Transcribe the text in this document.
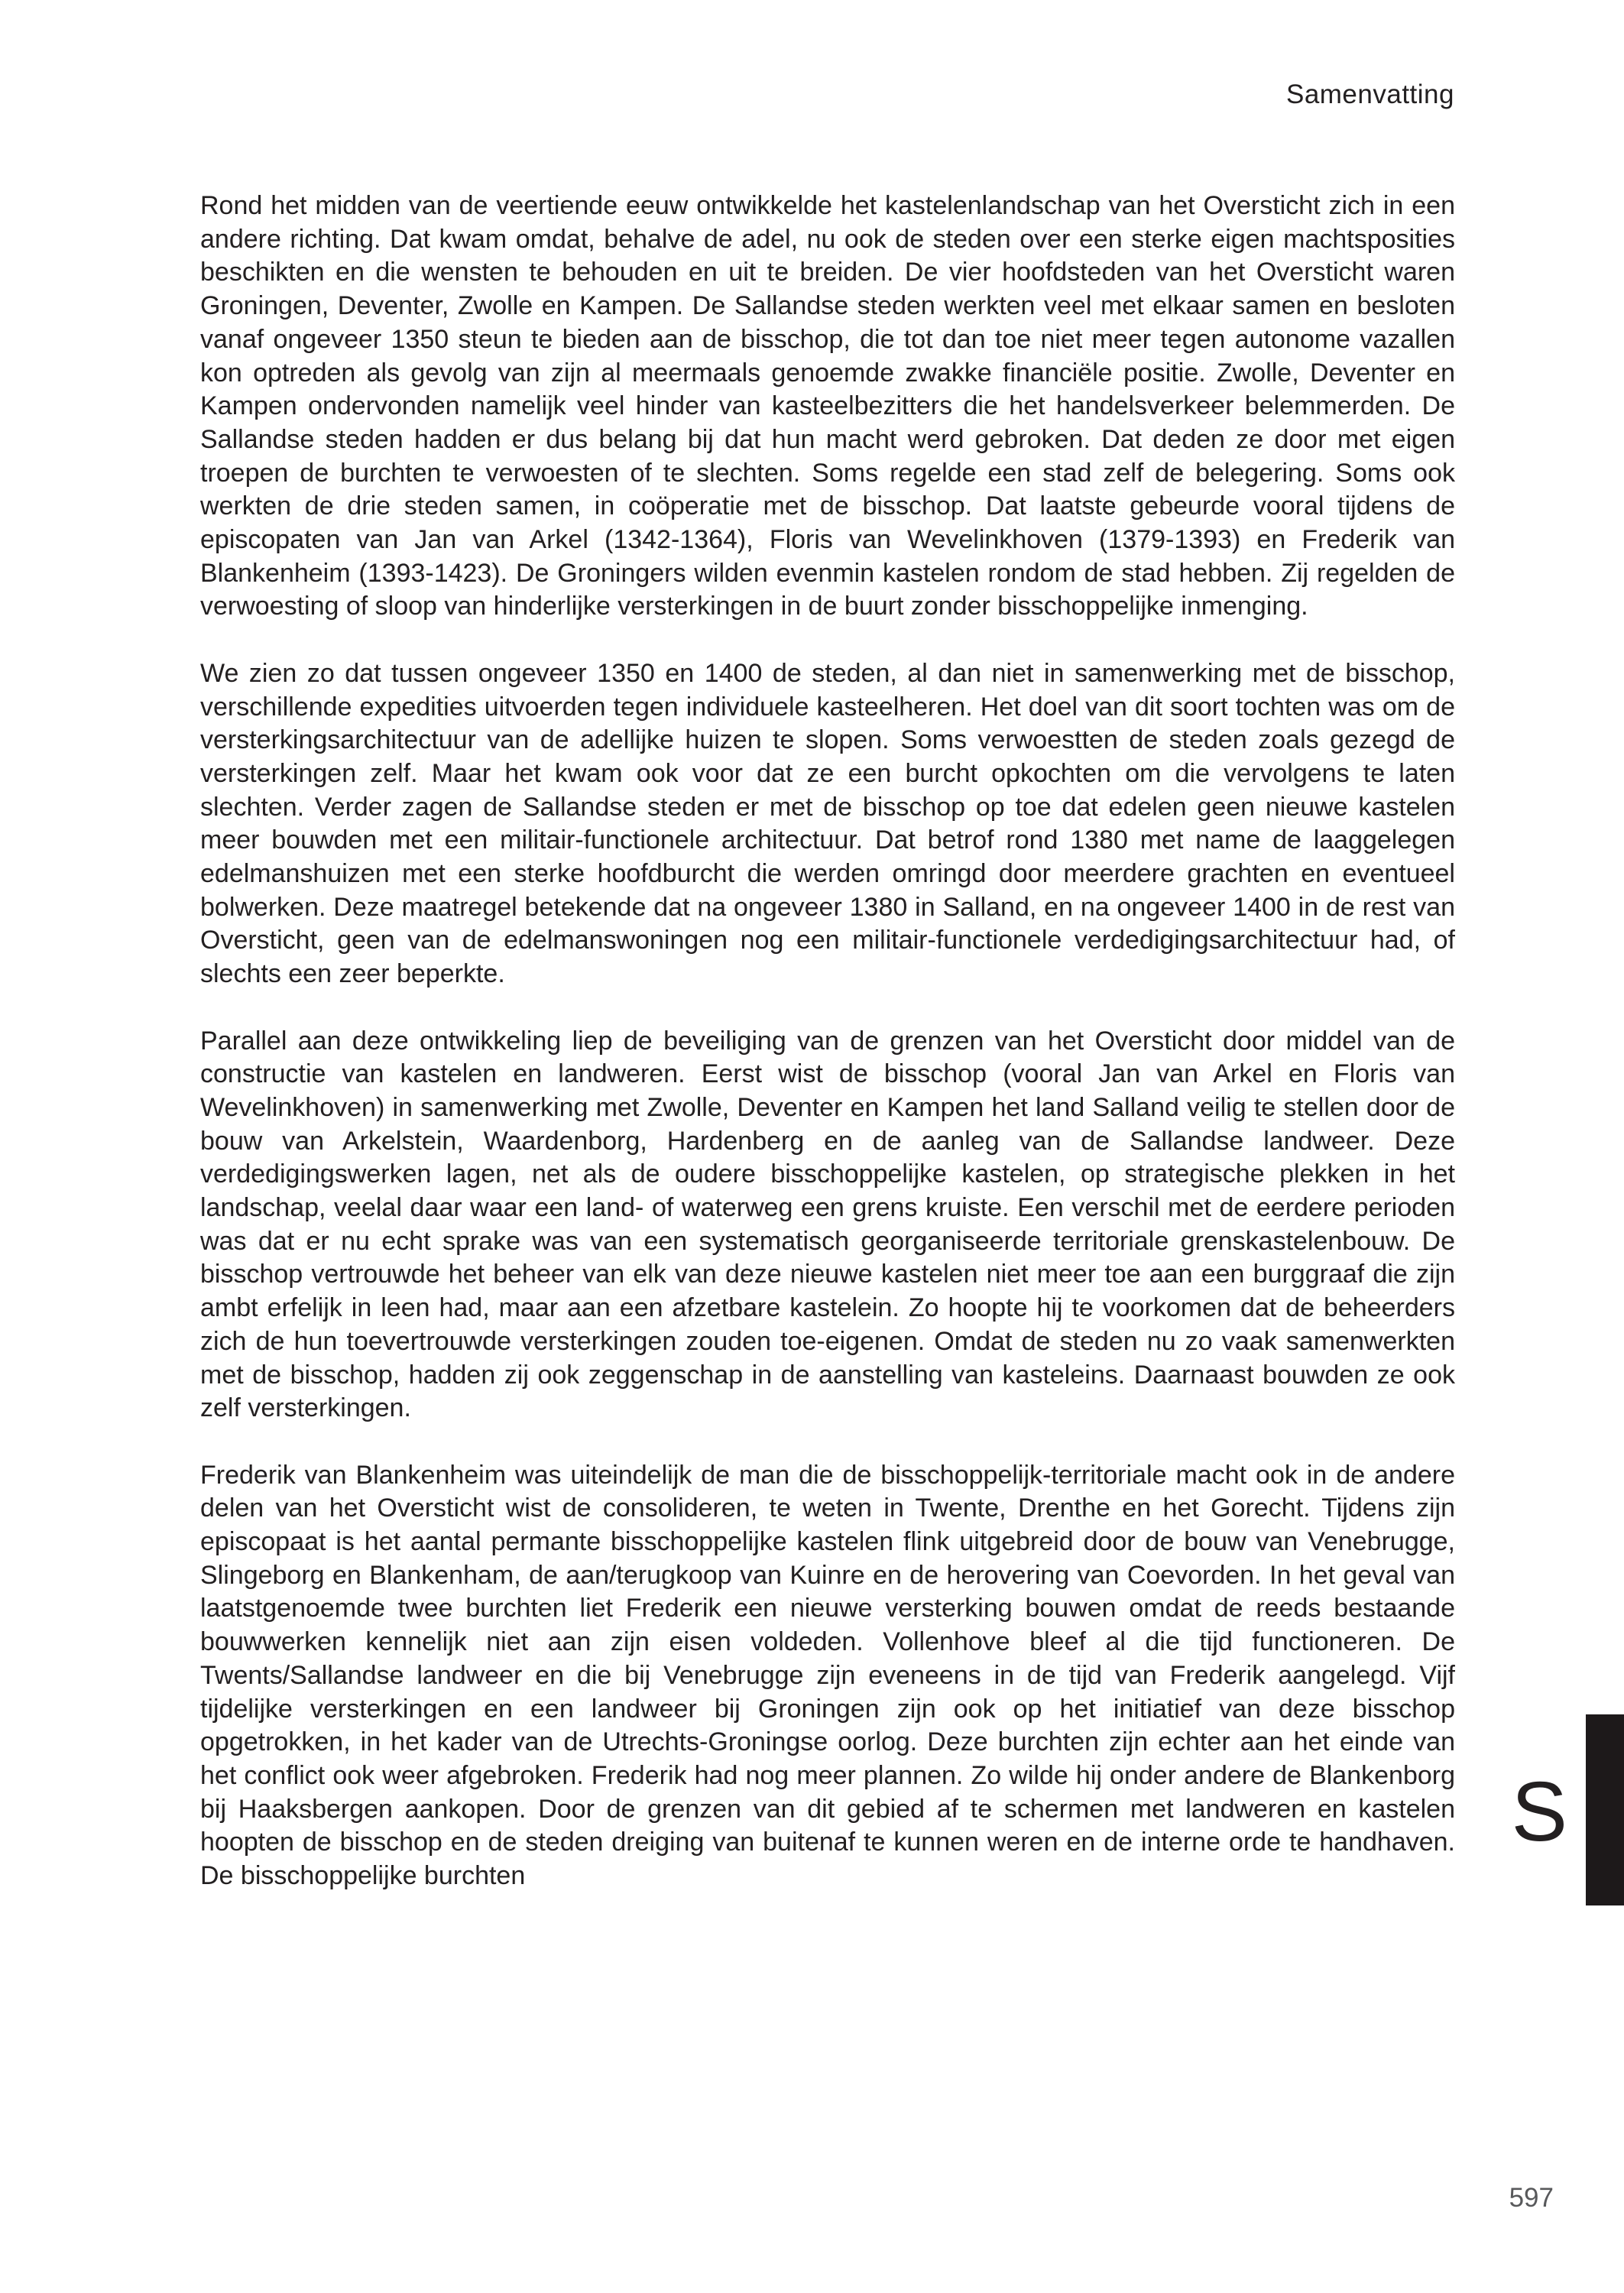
Samenvatting

Rond het midden van de veertiende eeuw ontwikkelde het kastelenlandschap van het Oversticht zich in een andere richting. Dat kwam omdat, behalve de adel, nu ook de steden over een sterke eigen machtsposities beschikten en die wensten te behouden en uit te breiden. De vier hoofdsteden van het Oversticht waren Groningen, Deventer, Zwolle en Kampen. De Sallandse steden werkten veel met elkaar samen en besloten vanaf ongeveer 1350 steun te bieden aan de bisschop, die tot dan toe niet meer tegen autonome vazallen kon optreden als gevolg van zijn al meermaals genoemde zwakke financiële positie. Zwolle, Deventer en Kampen ondervonden namelijk veel hinder van kasteelbezitters die het handelsverkeer belemmerden. De Sallandse steden hadden er dus belang bij dat hun macht werd gebroken. Dat deden ze door met eigen troepen de burchten te verwoesten of te slechten. Soms regelde een stad zelf de belegering. Soms ook werkten de drie steden samen, in coöperatie met de bisschop. Dat laatste gebeurde vooral tijdens de episcopaten van Jan van Arkel (1342-1364), Floris van Wevelinkhoven (1379-1393) en Frederik van Blankenheim (1393-1423). De Groningers wilden evenmin kastelen rondom de stad hebben. Zij regelden de verwoesting of sloop van hinderlijke versterkingen in de buurt zonder bisschoppelijke inmenging.

We zien zo dat tussen ongeveer 1350 en 1400 de steden, al dan niet in samenwerking met de bisschop, verschillende expedities uitvoerden tegen individuele kasteelheren. Het doel van dit soort tochten was om de versterkingsarchitectuur van de adellijke huizen te slopen. Soms verwoestten de steden zoals gezegd de versterkingen zelf. Maar het kwam ook voor dat ze een burcht opkochten om die vervolgens te laten slechten. Verder zagen de Sallandse steden er met de bisschop op toe dat edelen geen nieuwe kastelen meer bouwden met een militair-functionele architectuur. Dat betrof rond 1380 met name de laaggelegen edelmanshuizen met een sterke hoofdburcht die werden omringd door meerdere grachten en eventueel bolwerken. Deze maatregel betekende dat na ongeveer 1380 in Salland, en na ongeveer 1400 in de rest van Oversticht, geen van de edelmanswoningen nog een militair-functionele verdedigingsarchitectuur had, of slechts een zeer beperkte.

Parallel aan deze ontwikkeling liep de beveiliging van de grenzen van het Oversticht door middel van de constructie van kastelen en landweren. Eerst wist de bisschop (vooral Jan van Arkel en Floris van Wevelinkhoven) in samenwerking met Zwolle, Deventer en Kampen het land Salland veilig te stellen door de bouw van Arkelstein, Waardenborg, Hardenberg en de aanleg van de Sallandse landweer. Deze verdedigingswerken lagen, net als de oudere bisschoppelijke kastelen, op strategische plekken in het landschap, veelal daar waar een land- of waterweg een grens kruiste. Een verschil met de eerdere perioden was dat er nu echt sprake was van een systematisch georganiseerde territoriale grenskastelenbouw. De bisschop vertrouwde het beheer van elk van deze nieuwe kastelen niet meer toe aan een burggraaf die zijn ambt erfelijk in leen had, maar aan een afzetbare kastelein. Zo hoopte hij te voorkomen dat de beheerders zich de hun toevertrouwde versterkingen zouden toe-eigenen. Omdat de steden nu zo vaak samenwerkten met de bisschop, hadden zij ook zeggenschap in de aanstelling van kasteleins. Daarnaast bouwden ze ook zelf versterkingen.

Frederik van Blankenheim was uiteindelijk de man die de bisschoppelijk-territoriale macht ook in de andere delen van het Oversticht wist de consolideren, te weten in Twente, Drenthe en het Gorecht. Tijdens zijn episcopaat is het aantal permante bisschoppelijke kastelen flink uitgebreid door de bouw van Venebrugge, Slingeborg en Blankenham, de aan/terugkoop van Kuinre en de herovering van Coevorden. In het geval van laatstgenoemde twee burchten liet Frederik een nieuwe versterking bouwen omdat de reeds bestaande bouwwerken kennelijk niet aan zijn eisen voldeden. Vollenhove bleef al die tijd functioneren. De Twents/Sallandse landweer en die bij Venebrugge zijn eveneens in de tijd van Frederik aangelegd. Vijf tijdelijke versterkingen en een landweer bij Groningen zijn ook op het initiatief van deze bisschop opgetrokken, in het kader van de Utrechts-Groningse oorlog. Deze burchten zijn echter aan het einde van het conflict ook weer afgebroken. Frederik had nog meer plannen. Zo wilde hij onder andere de Blankenborg bij Haaksbergen aankopen. Door de grenzen van dit gebied af te schermen met landweren en kastelen hoopten de bisschop en de steden dreiging van buitenaf te kunnen weren en de interne orde te handhaven. De bisschoppelijke burchten

S
597
